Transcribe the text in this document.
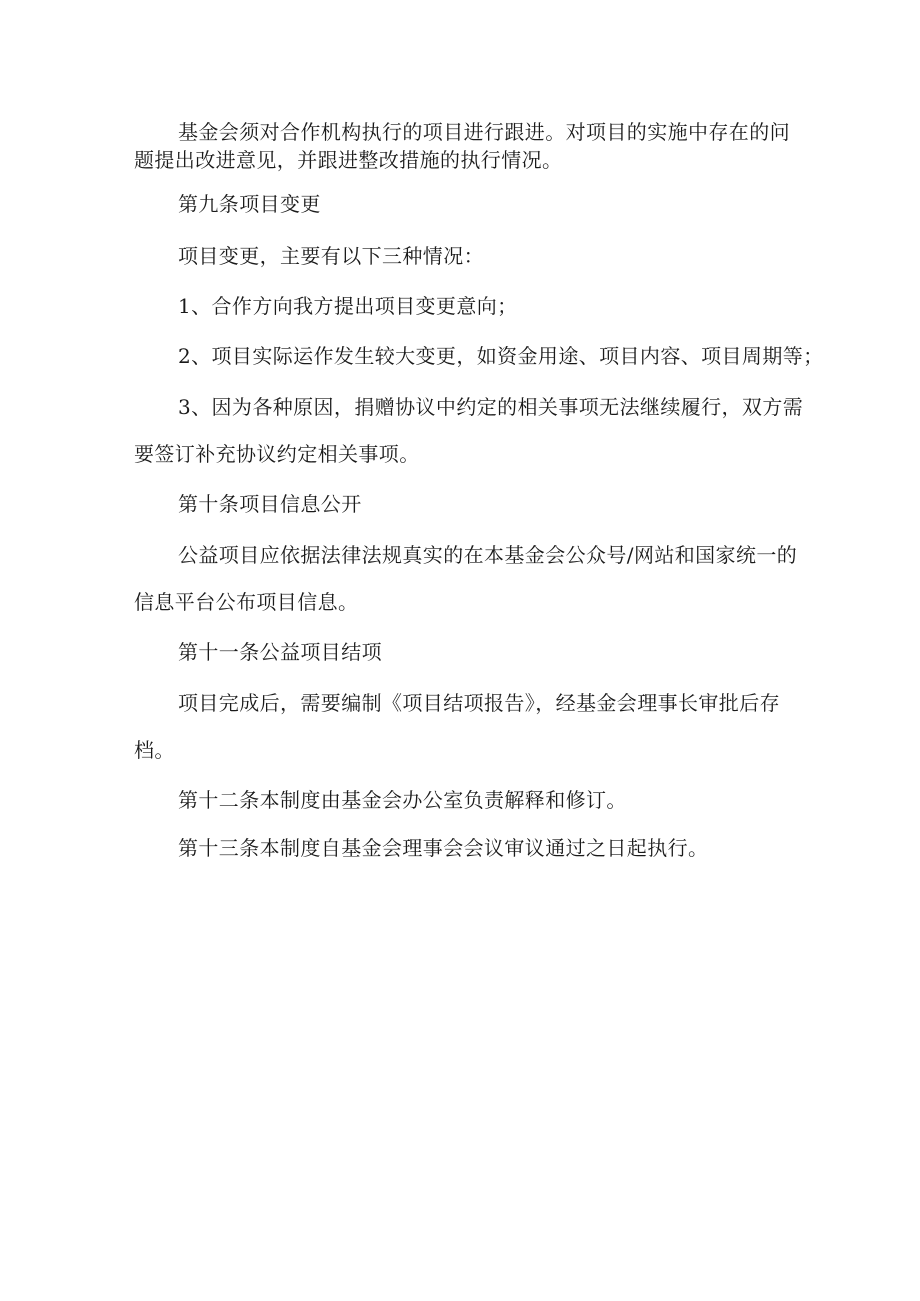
基金会须对合作机构执行的项目进行跟进。对项目的实施中存在的问
题提出改进意见，并跟进整改措施的执行情况。

第九条项目变更

项目变更，主要有以下三种情况：

1、合作方向我方提出项目变更意向；

2、项目实际运作发生较大变更，如资金用途、项目内容、项目周期等；

3、因为各种原因，捐赠协议中约定的相关事项无法继续履行，双方需
要签订补充协议约定相关事项。

第十条项目信息公开

公益项目应依据法律法规真实的在本基金会公众号/网站和国家统一的
信息平台公布项目信息。

第十一条公益项目结项

项目完成后，需要编制《项目结项报告》，经基金会理事长审批后存
档。

第十二条本制度由基金会办公室负责解释和修订。

第十三条本制度自基金会理事会会议审议通过之日起执行。
